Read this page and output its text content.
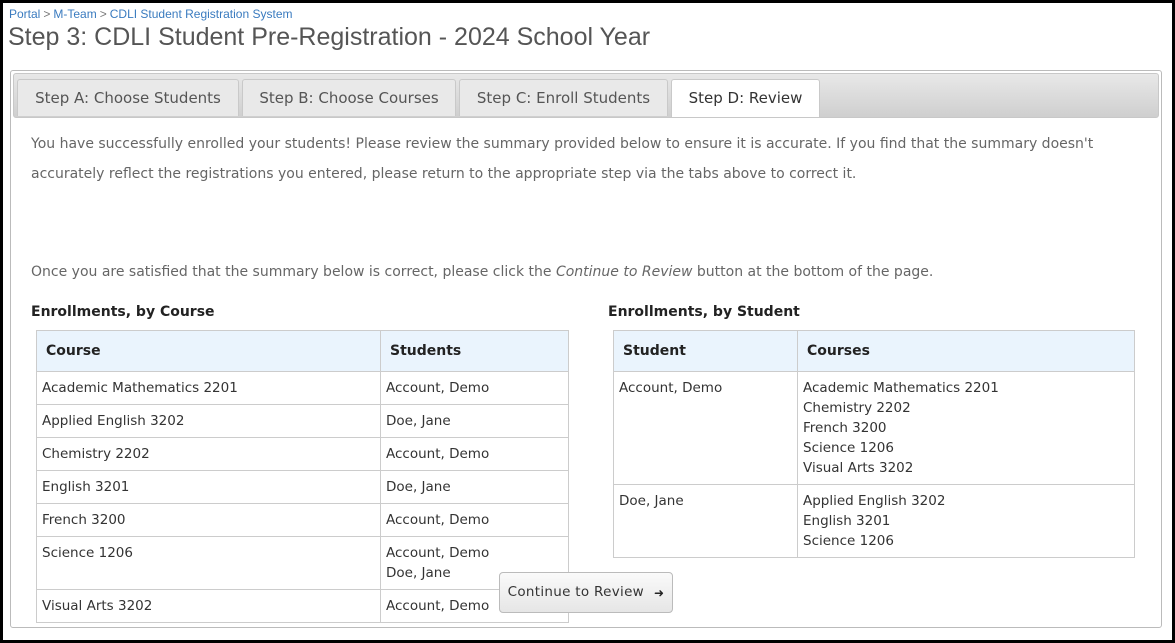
Portal > M-Team > CDLI Student Registration System
Step 3: CDLI Student Pre-Registration - 2024 School Year
Step A: Choose Students	Step B: Choose Courses	Step C: Enroll Students	Step D: Review

You have successfully enrolled your students! Please review the summary provided below to ensure it is accurate. If you find that the summary doesn't accurately reflect the registrations you entered, please return to the appropriate step via the tabs above to correct it.

Once you are satisfied that the summary below is correct, please click the Continue to Review button at the bottom of the page.

Enrollments, by Course	Enrollments, by Student
Course	Students
Academic Mathematics 2201	Account, Demo

Applied English 3202	Doe, Jane

Chemistry 2202	Account, Demo

English 3201	Doe, Jane

French 3200	Account, Demo

Science 1206	Account, Demo
Doe, Jane

Visual Arts 3202	Account, Demo
Student	Courses
Account, Demo	Academic Mathematics 2201
Chemistry 2202
French 3200
Science 1206
Visual Arts 3202

Doe, Jane	Applied English 3202
English 3201
Science 1206
Continue to Review ➜
